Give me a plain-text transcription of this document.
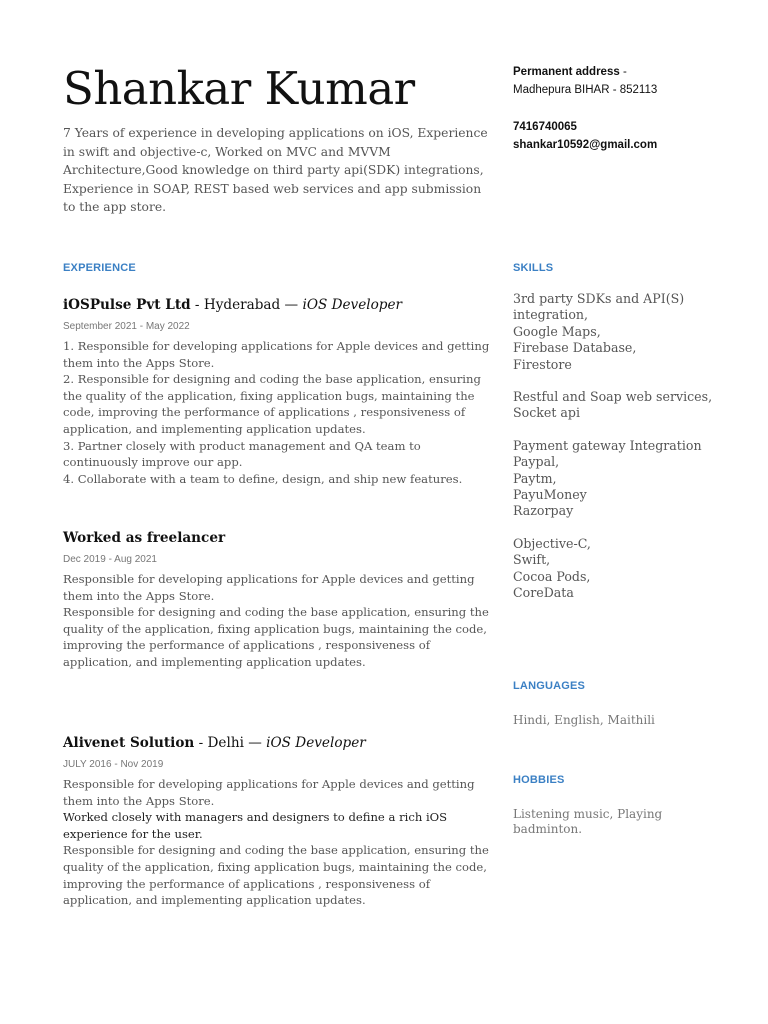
Shankar Kumar

7 Years of experience in developing applications on iOS, Experience in swift and objective-c, Worked on MVC and MVVM Architecture,Good knowledge on third party api(SDK) integrations, Experience in SOAP, REST based web services and app submission to the app store.

Permanent address -
Madhepura BIHAR - 852113
7416740065
shankar10592@gmail.com
EXPERIENCE

iOSPulse Pvt Ltd - Hyderabad — iOS Developer

September 2021 - May 2022

1. Responsible for developing applications for Apple devices and getting them into the Apps Store.

2. Responsible for designing and coding the base application, ensuring the quality of the application, fixing application bugs, maintaining the code, improving the performance of applications , responsiveness of application, and implementing application updates.

3. Partner closely with product management and QA team to continuously improve our app.

4. Collaborate with a team to define, design, and ship new features.

Worked as freelancer

Dec 2019 - Aug 2021

Responsible for developing applications for Apple devices and getting them into the Apps Store.

Responsible for designing and coding the base application, ensuring the quality of the application, fixing application bugs, maintaining the code, improving the performance of applications , responsiveness of application, and implementing application updates.

Alivenet Solution - Delhi — iOS Developer

JULY 2016 - Nov 2019

Responsible for developing applications for Apple devices and getting them into the Apps Store.

Worked closely with managers and designers to define a rich iOS experience for the user.

Responsible for designing and coding the base application, ensuring the quality of the application, fixing application bugs, maintaining the code, improving the performance of applications , responsiveness of application, and implementing application updates.

SKILLS

3rd party SDKs and API(S) integration,

Google Maps,

Firebase Database,

Firestore

Restful and Soap web services,

Socket api

Payment gateway Integration

Paypal,

Paytm,

PayuMoney

Razorpay

Objective-C,

Swift,

Cocoa Pods,

CoreData

LANGUAGES

Hindi, English, Maithili

HOBBIES

Listening music, Playing badminton.
